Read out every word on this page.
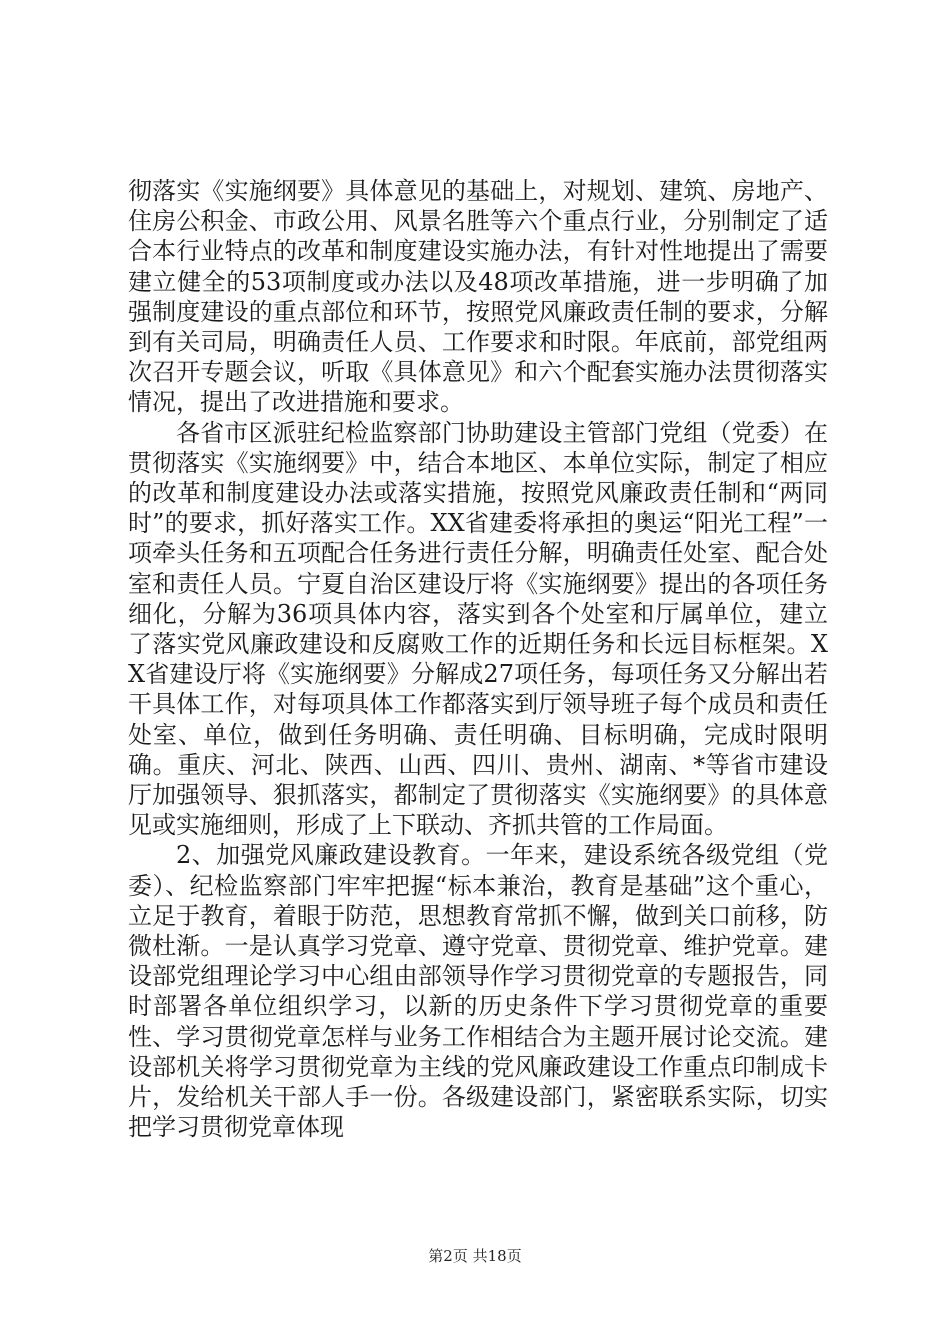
彻落实《实施纲要》具体意见的基础上，对规划、建筑、房地产、住房公积金、市政公用、风景名胜等六个重点行业，分别制定了适合本行业特点的改革和制度建设实施办法，有针对性地提出了需要建立健全的53项制度或办法以及48项改革措施，进一步明确了加强制度建设的重点部位和环节，按照党风廉政责任制的要求，分解到有关司局，明确责任人员、工作要求和时限。年底前，部党组两次召开专题会议，听取《具体意见》和六个配套实施办法贯彻落实情况，提出了改进措施和要求。

各省市区派驻纪检监察部门协助建设主管部门党组（党委）在贯彻落实《实施纲要》中，结合本地区、本单位实际，制定了相应的改革和制度建设办法或落实措施，按照党风廉政责任制和“两同时”的要求，抓好落实工作。XX省建委将承担的奥运“阳光工程”一项牵头任务和五项配合任务进行责任分解，明确责任处室、配合处室和责任人员。宁夏自治区建设厅将《实施纲要》提出的各项任务细化，分解为36项具体内容，落实到各个处室和厅属单位，建立了落实党风廉政建设和反腐败工作的近期任务和长远目标框架。XX省建设厅将《实施纲要》分解成27项任务，每项任务又分解出若干具体工作，对每项具体工作都落实到厅领导班子每个成员和责任处室、单位，做到任务明确、责任明确、目标明确，完成时限明确。重庆、河北、陕西、山西、四川、贵州、湖南、*等省市建设厅加强领导、狠抓落实，都制定了贯彻落实《实施纲要》的具体意见或实施细则，形成了上下联动、齐抓共管的工作局面。

2、加强党风廉政建设教育。一年来，建设系统各级党组（党委）、纪检监察部门牢牢把握“标本兼治，教育是基础”这个重心，立足于教育，着眼于防范，思想教育常抓不懈，做到关口前移，防微杜渐。一是认真学习党章、遵守党章、贯彻党章、维护党章。建设部党组理论学习中心组由部领导作学习贯彻党章的专题报告，同时部署各单位组织学习，以新的历史条件下学习贯彻党章的重要性、学习贯彻党章怎样与业务工作相结合为主题开展讨论交流。建设部机关将学习贯彻党章为主线的党风廉政建设工作重点印制成卡片，发给机关干部人手一份。各级建设部门，紧密联系实际，切实把学习贯彻党章体现

第2页 共18页
